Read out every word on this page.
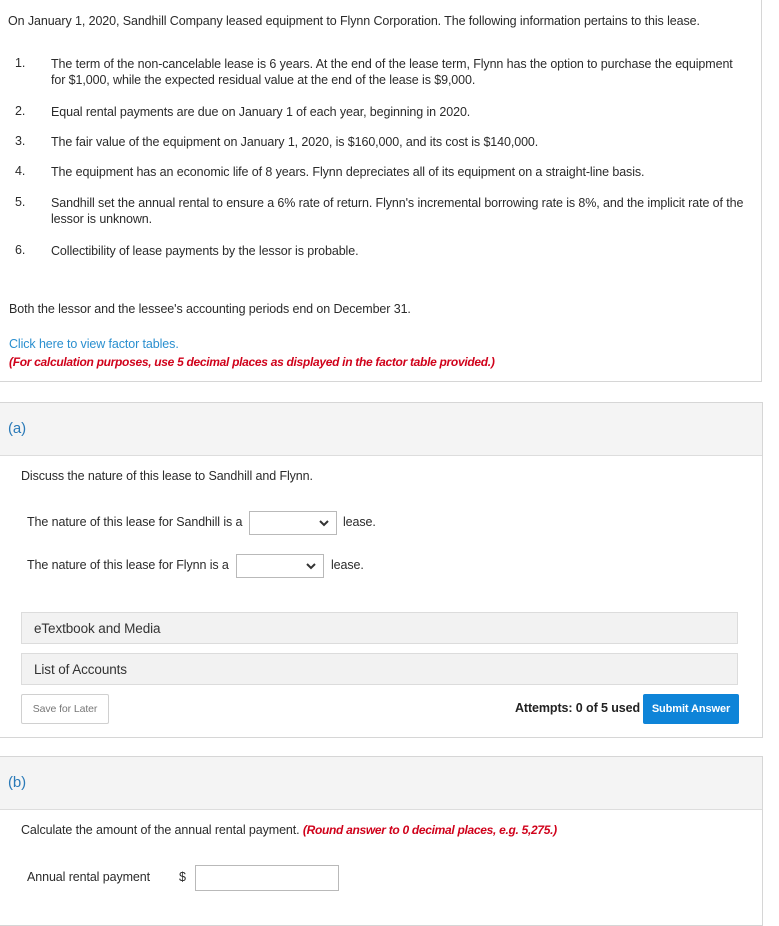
On January 1, 2020, Sandhill Company leased equipment to Flynn Corporation. The following information pertains to this lease.
1. The term of the non-cancelable lease is 6 years. At the end of the lease term, Flynn has the option to purchase the equipment for $1,000, while the expected residual value at the end of the lease is $9,000.
2. Equal rental payments are due on January 1 of each year, beginning in 2020.
3. The fair value of the equipment on January 1, 2020, is $160,000, and its cost is $140,000.
4. The equipment has an economic life of 8 years. Flynn depreciates all of its equipment on a straight-line basis.
5. Sandhill set the annual rental to ensure a 6% rate of return. Flynn's incremental borrowing rate is 8%, and the implicit rate of the lessor is unknown.
6. Collectibility of lease payments by the lessor is probable.
Both the lessor and the lessee's accounting periods end on December 31.
Click here to view factor tables.
(For calculation purposes, use 5 decimal places as displayed in the factor table provided.)
(a)
Discuss the nature of this lease to Sandhill and Flynn.
The nature of this lease for Sandhill is a	lease.
The nature of this lease for Flynn is a	lease.
eTextbook and Media
List of Accounts
Save for Later	Attempts: 0 of 5 used	Submit Answer
(b)
Calculate the amount of the annual rental payment. (Round answer to 0 decimal places, e.g. 5,275.)
Annual rental payment $
